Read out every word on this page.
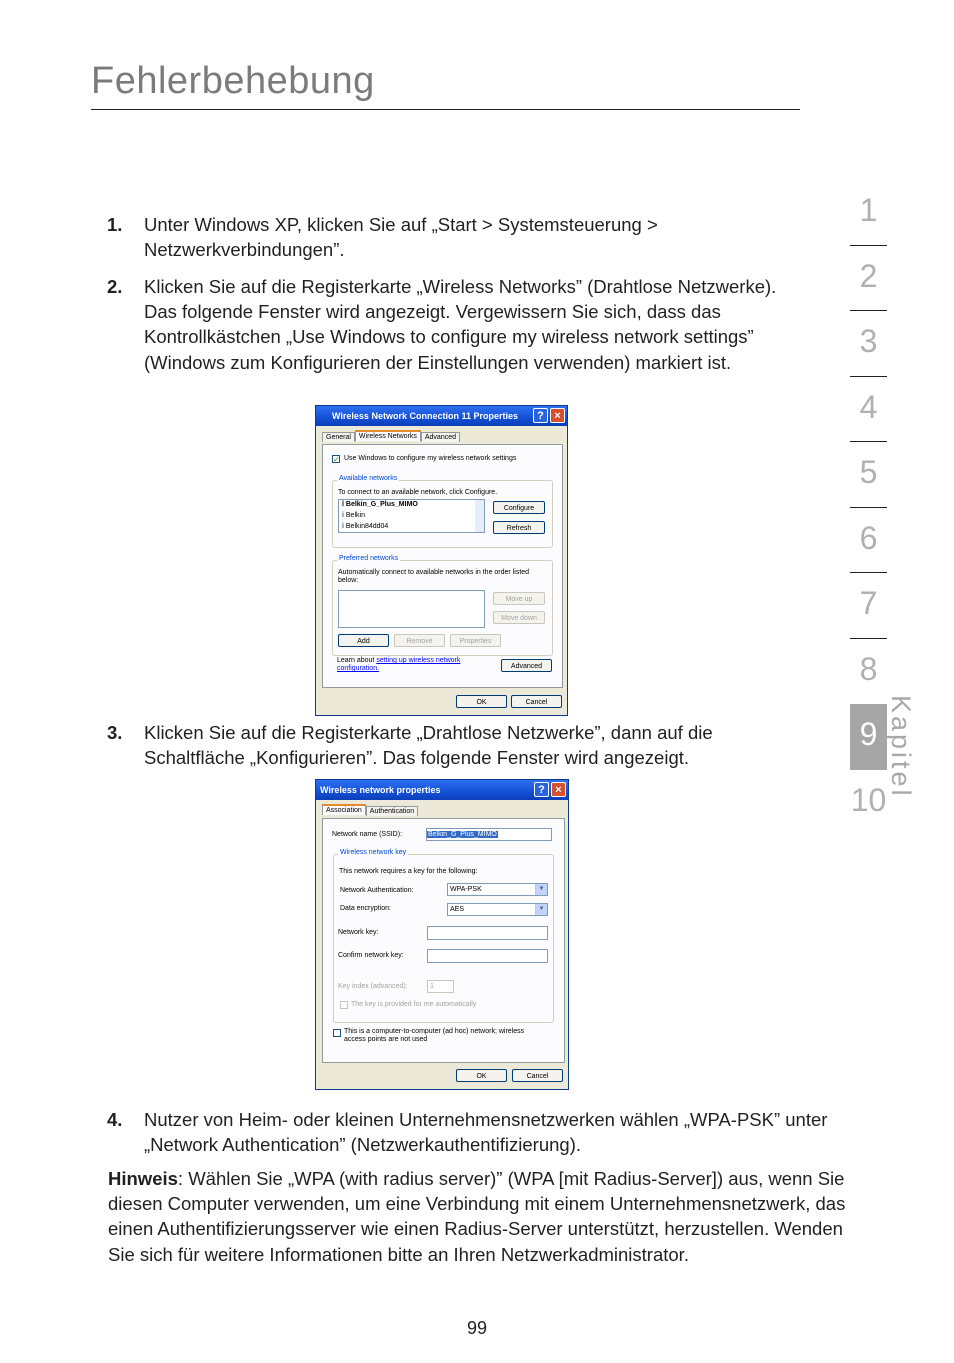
Fehlerbehebung
1
2
3
4
5
6
7
8
9
10
Kapitel
1. Unter Windows XP, klicken Sie auf „Start > Systemsteuerung > Netzwerkverbindungen”.
2. Klicken Sie auf die Registerkarte „Wireless Networks” (Drahtlose Netzwerke). Das folgende Fenster wird angezeigt. Vergewissern Sie sich, dass das Kontrollkästchen „Use Windows to configure my wireless network settings” (Windows zum Konfigurieren der Einstellungen verwenden) markiert ist.
3. Klicken Sie auf die Registerkarte „Drahtlose Netzwerke”, dann auf die Schaltfläche „Konfigurieren”. Das folgende Fenster wird angezeigt.
4. Nutzer von Heim- oder kleinen Unternehmensnetzwerken wählen „WPA-PSK” unter „Network Authentication” (Netzwerkauthentifizierung).
Hinweis: Wählen Sie „WPA (with radius server)” (WPA [mit Radius-Server]) aus, wenn Sie diesen Computer verwenden, um eine Verbindung mit einem Unternehmensnetzwerk, das einen Authentifizierungsserver wie einen Radius-Server unterstützt, herzustellen. Wenden Sie sich für weitere Informationen bitte an Ihren Netzwerkadministrator.
99
Wireless Network Connection 11 Properties	? ×
General Wireless Networks Advanced
✓ Use Windows to configure my wireless network settings
Available networks
To connect to an available network, click Configure.
ⅰ Belkin_G_Plus_MIMO
ⅰ Belkin
ⅰ Belkin84dd04
Configure
Refresh
Preferred networks
Automatically connect to available networks in the order listed below:
Move up
Move down
Add	Remove	Properties
Learn about setting up wireless network
configuration.	Advanced
OK	Cancel
Wireless network properties	? ×
Association Authentication
Network name (SSID):	Belkin_G_Plus_MIMO
Wireless network key
This network requires a key for the following:
Network Authentication:	WPA-PSK	▼
Data encryption:	AES	▼
Network key:
Confirm network key:
Key index (advanced):	1
The key is provided for me automatically
This is a computer-to-computer (ad hoc) network; wireless
access points are not used
OK	Cancel
